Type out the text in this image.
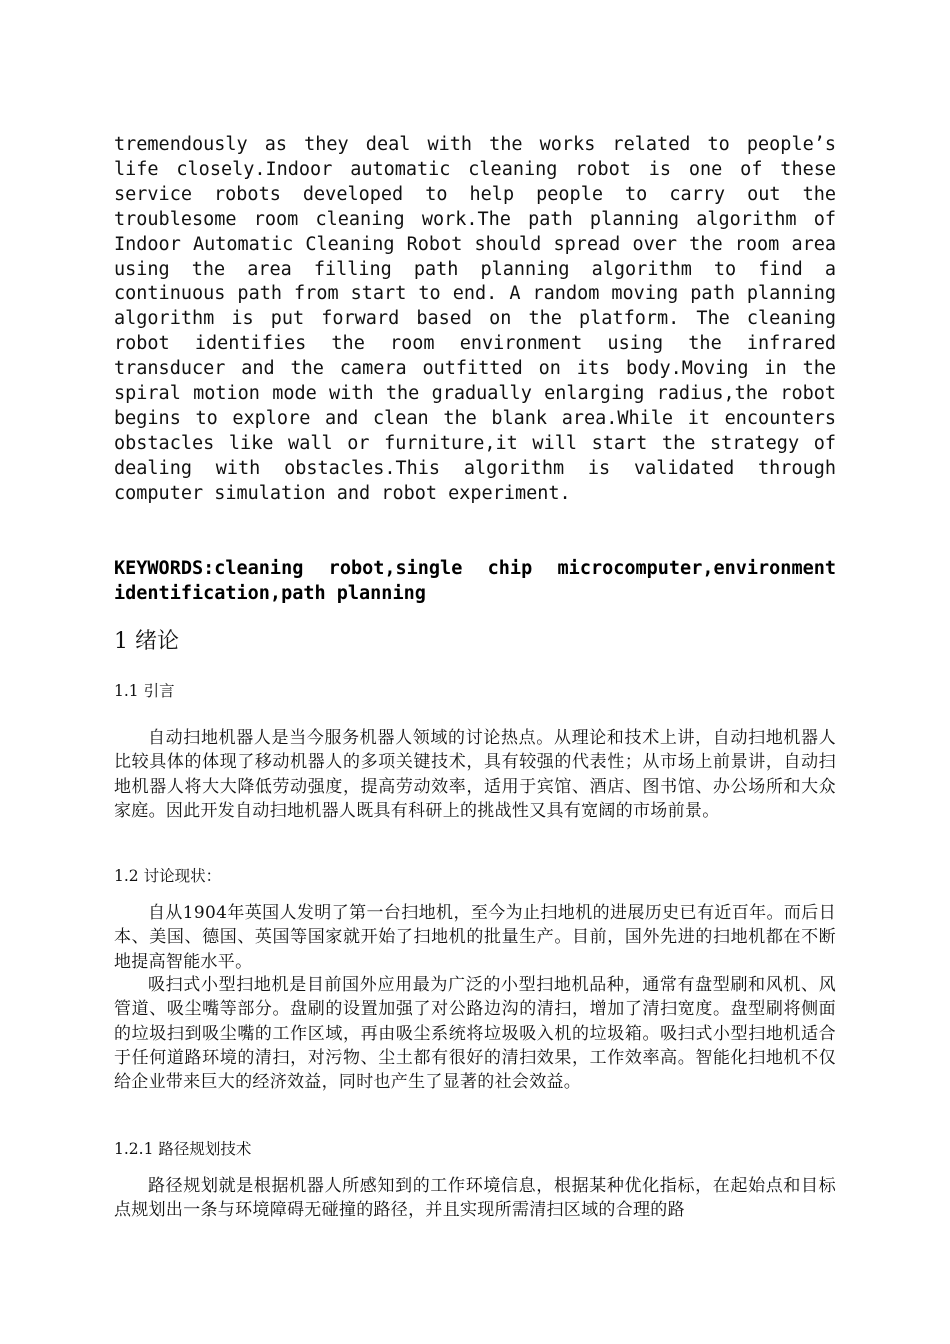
tremendously as they deal with the works related to people’s life closely.Indoor automatic cleaning robot is one of these service robots developed to help people to carry out the troublesome room cleaning work.The path planning algorithm of Indoor Automatic Cleaning Robot should spread over the room area using the area filling path planning algorithm to find a continuous path from start to end. A random moving path planning algorithm is put forward based on the platform. The cleaning robot identifies the room environment using the infrared transducer and the camera outfitted on its body.Moving in the spiral motion mode with the gradually enlarging radius,the robot begins to explore and clean the blank area.While it encounters obstacles like wall or furniture,it will start the strategy of dealing with obstacles.This algorithm is validated through computer simulation and robot experiment.

KEYWORDS:cleaning robot,single chip microcomputer,environment identification,path planning

1 绪论
1.1 引言

自动扫地机器人是当今服务机器人领域的讨论热点。从理论和技术上讲，自动扫地机器人比较具体的体现了移动机器人的多项关键技术，具有较强的代表性；从市场上前景讲，自动扫地机器人将大大降低劳动强度，提高劳动效率，适用于宾馆、酒店、图书馆、办公场所和大众家庭。因此开发自动扫地机器人既具有科研上的挑战性又具有宽阔的市场前景。

1.2 讨论现状：

自从1904年英国人发明了第一台扫地机，至今为止扫地机的进展历史已有近百年。而后日本、美国、德国、英国等国家就开始了扫地机的批量生产。目前，国外先进的扫地机都在不断地提高智能水平。

吸扫式小型扫地机是目前国外应用最为广泛的小型扫地机品种，通常有盘型刷和风机、风管道、吸尘嘴等部分。盘刷的设置加强了对公路边沟的清扫，增加了清扫宽度。盘型刷将侧面的垃圾扫到吸尘嘴的工作区域，再由吸尘系统将垃圾吸入机的垃圾箱。吸扫式小型扫地机适合于任何道路环境的清扫，对污物、尘土都有很好的清扫效果，工作效率高。智能化扫地机不仅给企业带来巨大的经济效益，同时也产生了显著的社会效益。

1.2.1 路径规划技术

路径规划就是根据机器人所感知到的工作环境信息，根据某种优化指标，在起始点和目标点规划出一条与环境障碍无碰撞的路径，并且实现所需清扫区域的合理的路
